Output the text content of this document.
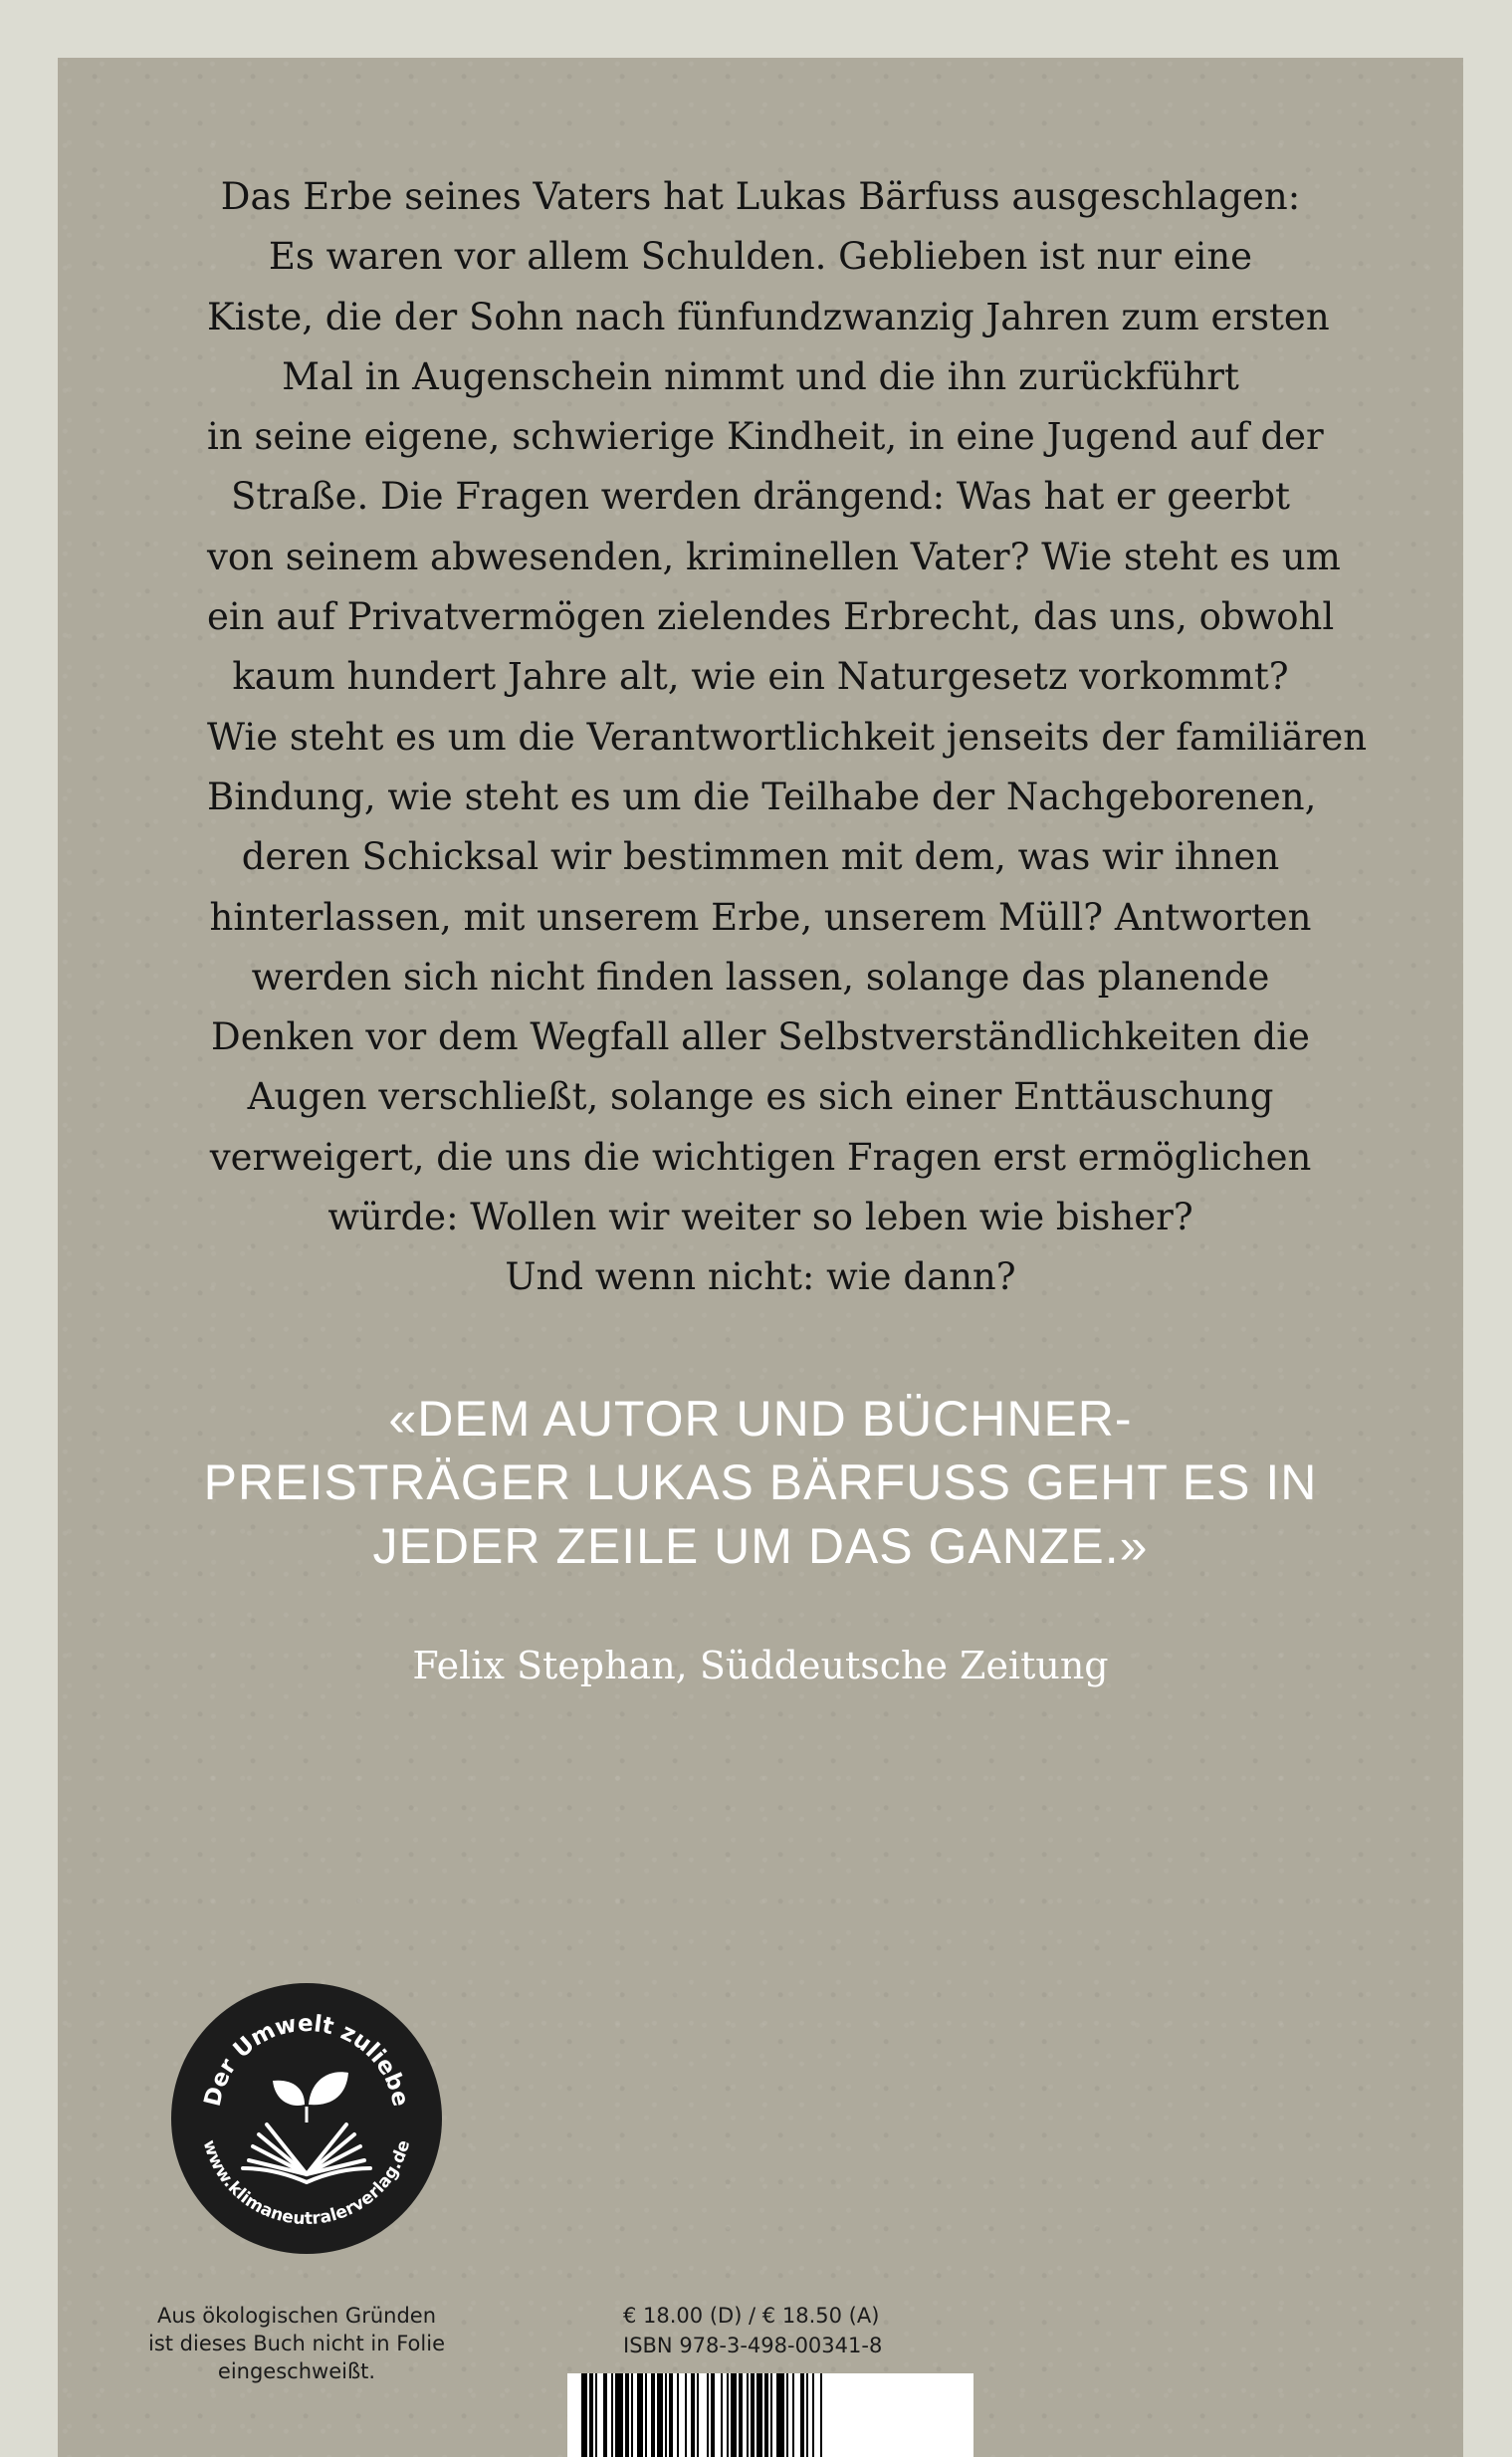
Das Erbe seines Vaters hat Lukas Bärfuss ausgeschlagen:
Es waren vor allem Schulden. Geblieben ist nur eine
Kiste, die der Sohn nach fünfundzwanzig Jahren zum ersten
Mal in Augenschein nimmt und die ihn zurückführt
in seine eigene, schwierige Kindheit, in eine Jugend auf der
Straße. Die Fragen werden drängend: Was hat er geerbt
von seinem abwesenden, kriminellen Vater? Wie steht es um
ein auf Privatvermögen zielendes Erbrecht, das uns, obwohl
kaum hundert Jahre alt, wie ein Naturgesetz vorkommt?
Wie steht es um die Verantwortlichkeit jenseits der familiären
Bindung, wie steht es um die Teilhabe der Nachgeborenen,
deren Schicksal wir bestimmen mit dem, was wir ihnen
hinterlassen, mit unserem Erbe, unserem Müll? Antworten
werden sich nicht finden lassen, solange das planende
Denken vor dem Wegfall aller Selbstverständlichkeiten die
Augen verschließt, solange es sich einer Enttäuschung
verweigert, die uns die wichtigen Fragen erst ermöglichen
würde: Wollen wir weiter so leben wie bisher?
Und wenn nicht: wie dann?
«DEM AUTOR UND BÜCHNER-
PREISTRÄGER LUKAS BÄRFUSS GEHT ES IN
JEDER ZEILE UM DAS GANZE.»
Felix Stephan, Süddeutsche Zeitung
Der Umwelt zuliebe
www.klimaneutralerverlag.de
Aus ökologischen Gründen
ist dieses Buch nicht in Folie
eingeschweißt.
€ 18.00 (D) / € 18.50 (A)
ISBN 978-3-498-00341-8
